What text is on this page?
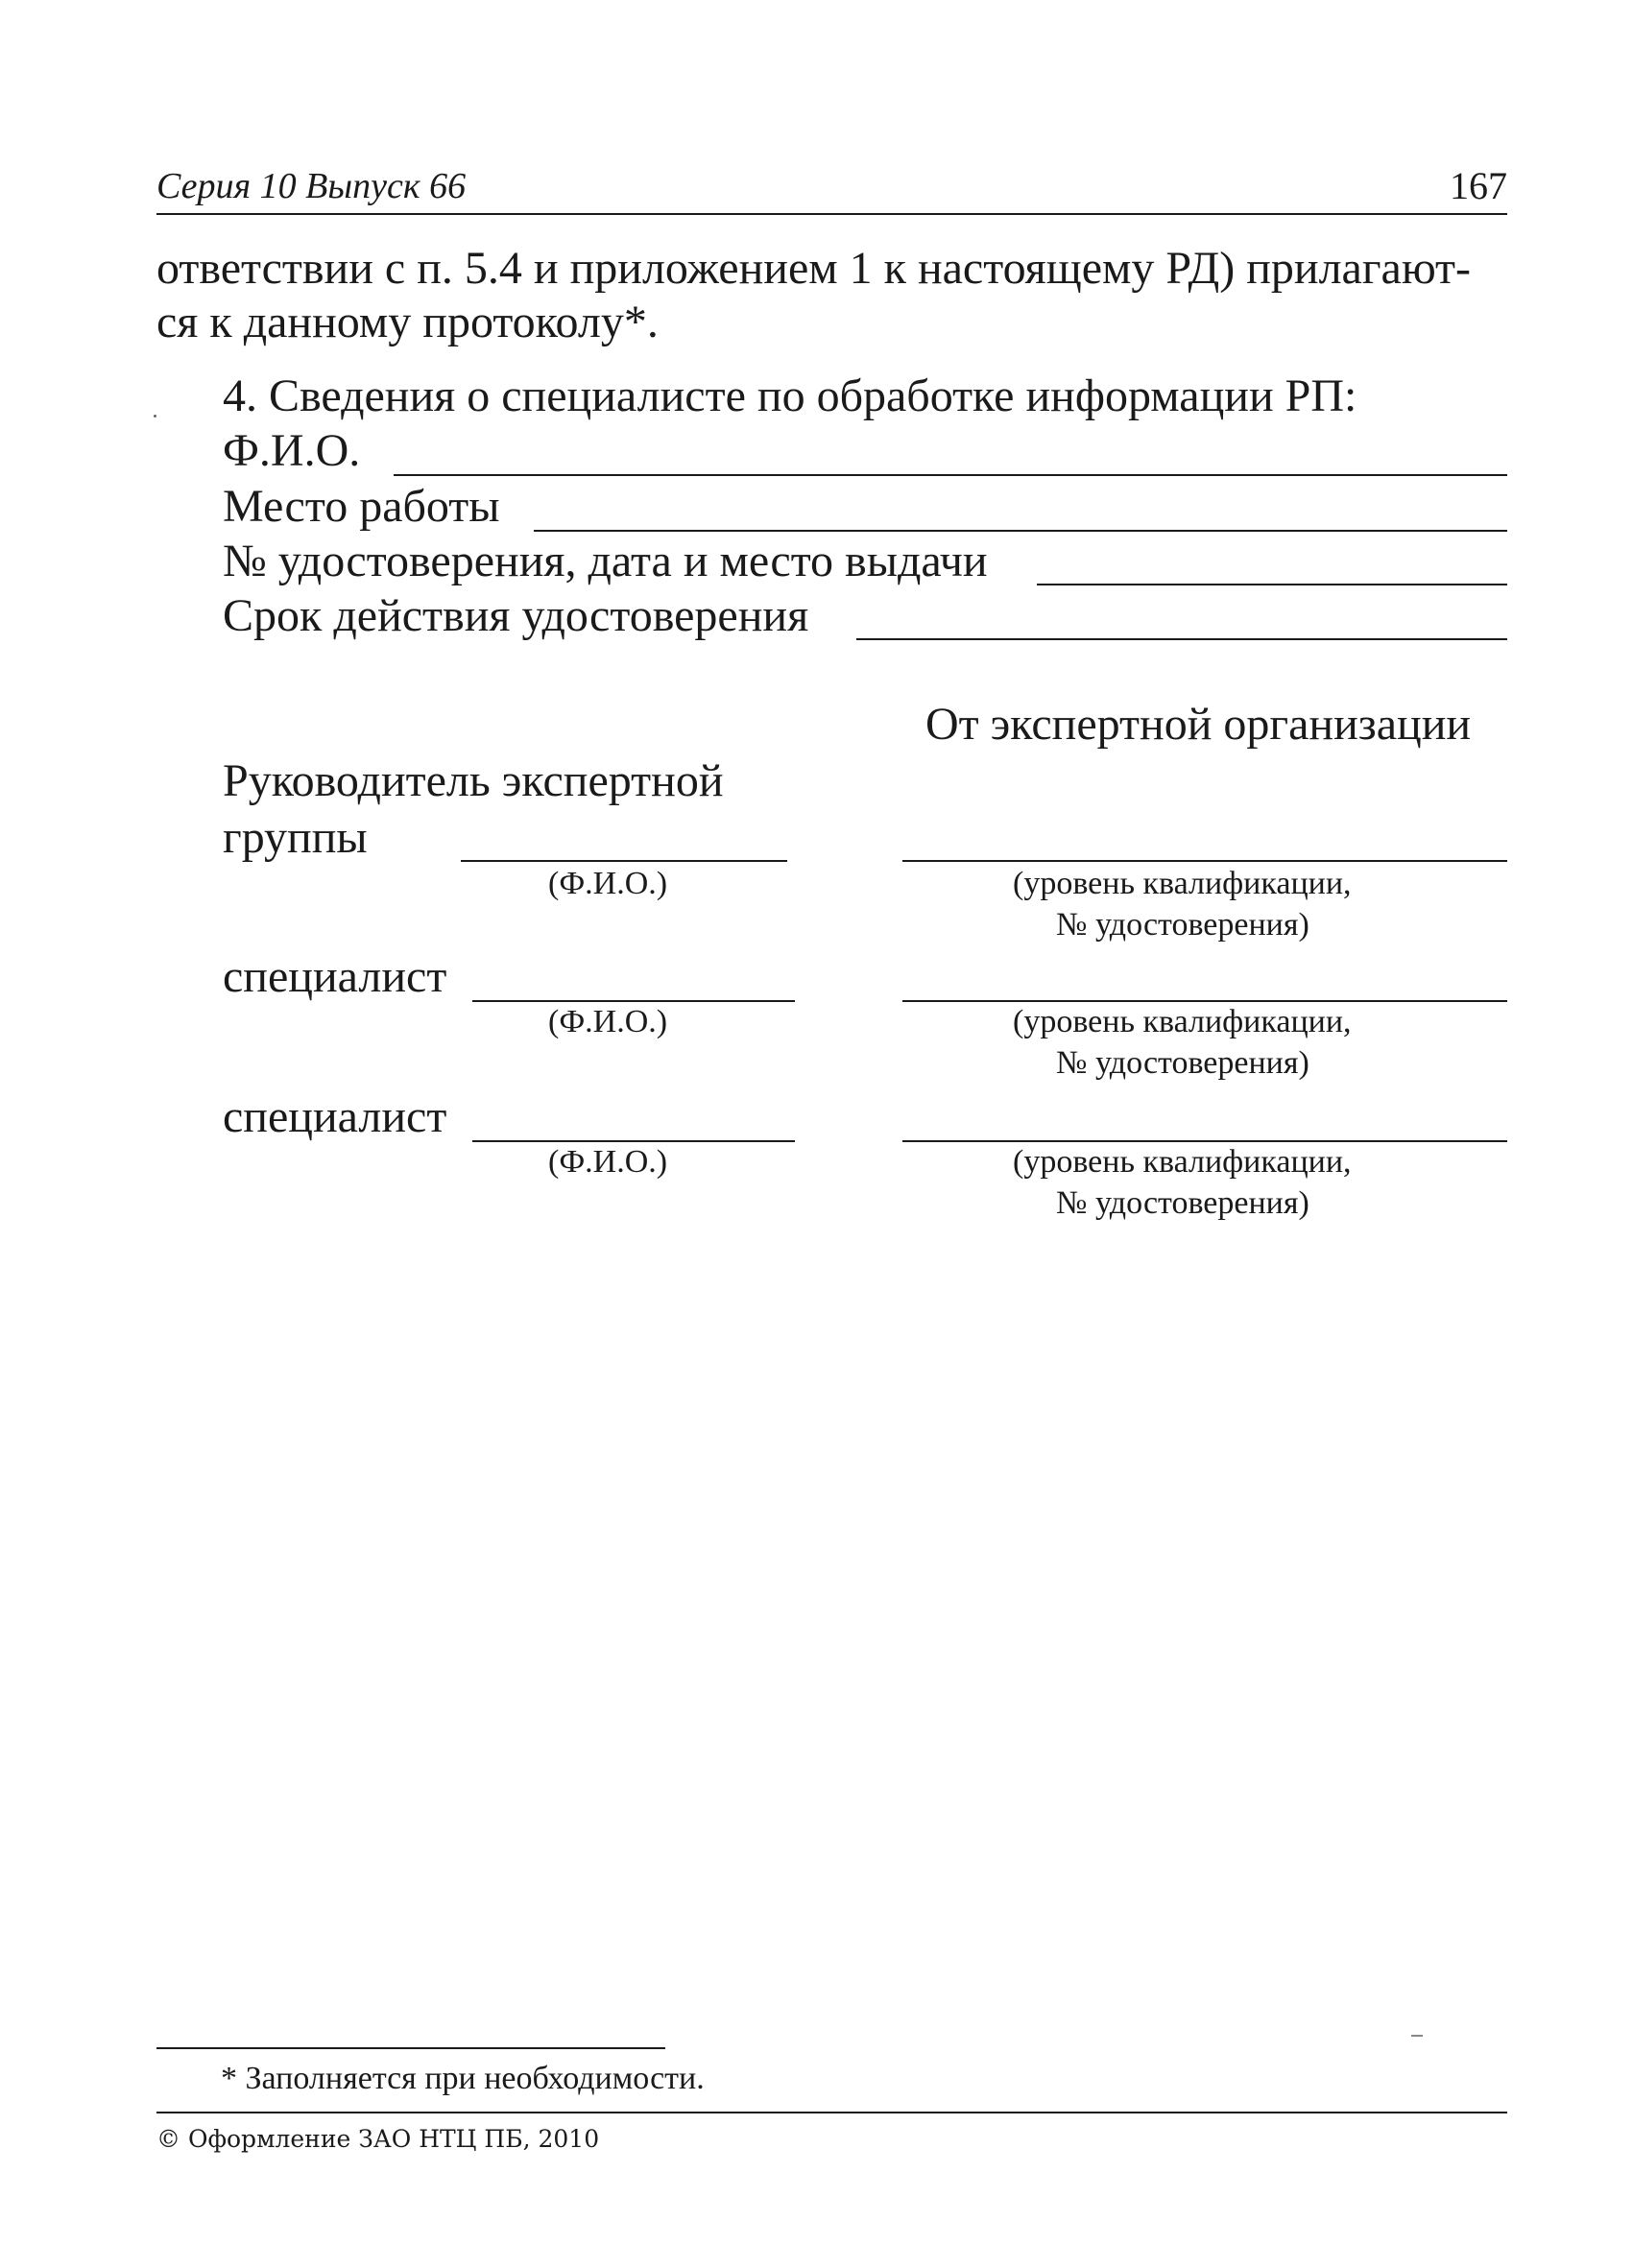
Серия 10 Выпуск 66	167
ответствии с п. 5.4 и приложением 1 к настоящему РД) прилагают-
ся к данному протоколу*.
4. Сведения о специалисте по обработке информации РП:
Ф.И.О.
Место работы
№ удостоверения, дата и место выдачи
Срок действия удостоверения
От экспертной организации
Руководитель экспертной
группы
(Ф.И.О.)	(уровень квалификации,
№ удостоверения)
специалист
(Ф.И.О.)	(уровень квалификации,
№ удостоверения)
специалист
(Ф.И.О.)	(уровень квалификации,
№ удостоверения)
* Заполняется при необходимости.
© Оформление ЗАО НТЦ ПБ, 2010
